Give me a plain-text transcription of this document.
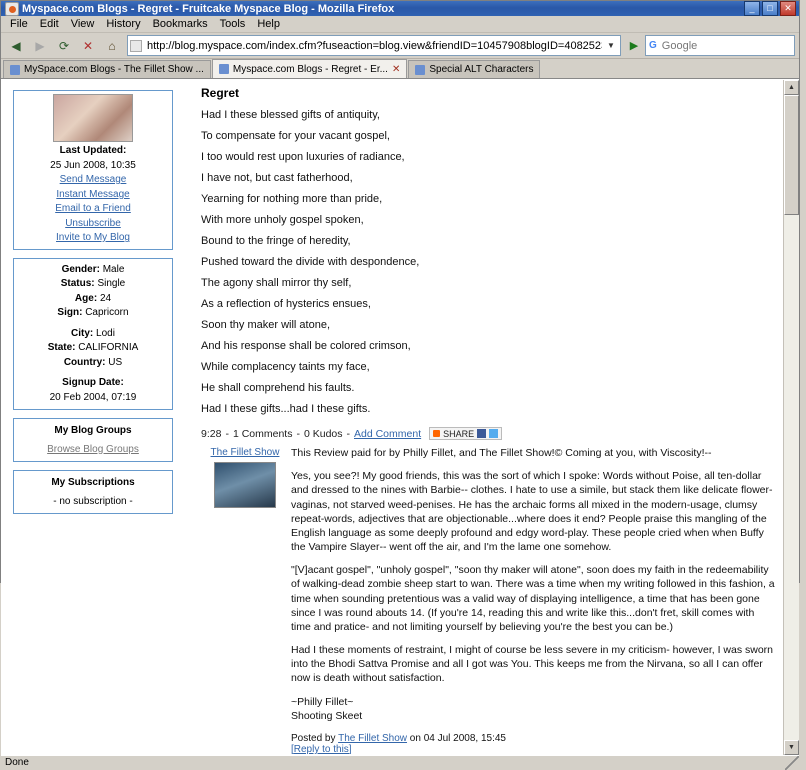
Myspace.com Blogs - Regret - Fruitcake Myspace Blog - Mozilla Firefox	_	□	✕
File	Edit	View	History	Bookmarks	Tools	Help
◀	▶	⟳	✕	⌂
http://blog.myspace.com/index.cfm?fuseaction=blog.view&friendID=10457908blogID=408252332&indicate=1	▼	▶	G
Google
MySpace.com Blogs - The Fillet Show ...	Myspace.com Blogs - Regret - Er... ✕	Special ALT Characters
Last Updated:
25 Jun 2008, 10:35
Send Message
Instant Message
Email to a Friend
Unsubscribe
Invite to My Blog
Gender: Male
Status: Single
Age: 24
Sign: Capricorn
City: Lodi
State: CALIFORNIA
Country: US
Signup Date:
20 Feb 2004, 07:19
My Blog Groups
Browse Blog Groups
My Subscriptions
- no subscription -
Regret
Had I these blessed gifts of antiquity,
To compensate for your vacant gospel,
I too would rest upon luxuries of radiance,
I have not, but cast fatherhood,
Yearning for nothing more than pride,
With more unholy gospel spoken,
Bound to the fringe of heredity,
Pushed toward the divide with despondence,
The agony shall mirror thy self,
As a reflection of hysterics ensues,
Soon thy maker will atone,
And his response shall be colored crimson,
While complacency taints my face,
He shall comprehend his faults.
Had I these gifts...had I these gifts.
9:28 - 1 Comments - 0 Kudos - Add Comment SHARE
The Fillet Show	This Review paid for by Philly Fillet, and The Fillet Show!© Coming at you, with Viscosity!--

Yes, you see?! My good friends, this was the sort of which I spoke: Words without Poise, all ten-dollar and dressed to the nines with Barbie-- clothes. I hate to use a simile, but stack them like delicate flower-vaginas, not starved weed-penises. He has the archaic forms all mixed in the modern-usage, clumsy repeat-words, adjectives that are objectionable...where does it end? People praise this mangling of the English language as some deeply profound and edgy word-play. These people cried when when Buffy the Vampire Slayer-- went off the air, and I'm the lame one somehow.

"[V]acant gospel", "unholy gospel", "soon thy maker will atone", soon does my faith in the redeemability of walking-dead zombie sheep start to wan. There was a time when my writing followed in this fashion, a time when sounding pretentious was a valid way of displaying intelligence, a time that has been gone since I was round abouts 14. (If you're 14, reading this and write like this...don't fret, skill comes with time and pratice- and not limiting yourself by believing you're the best you can be.)

Had I these moments of restraint, I might of course be less severe in my criticism- however, I was sworn into the Bhodi Sattva Promise and all I got was You. This keeps me from the Nirvana, so all I can offer now is death without satisfaction.

~Philly Fillet~

Shooting Skeet

Posted by The Fillet Show on 04 Jul 2008, 15:45
[Reply to this]
▲
▼
Done
